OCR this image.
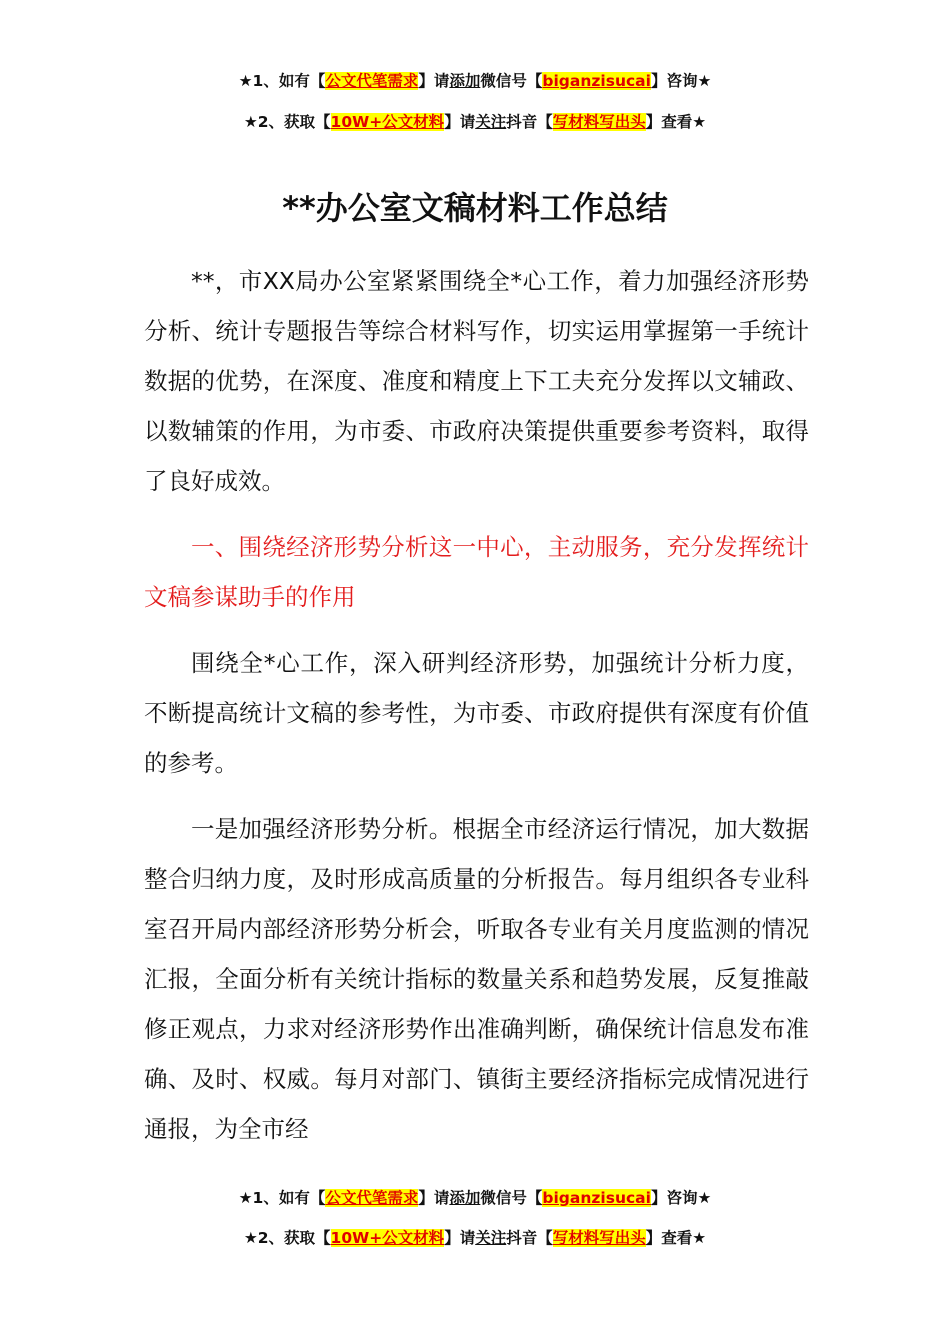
★1、如有【公文代笔需求】请添加微信号【biganzisucai】咨询★
★2、获取【10W+公文材料】请关注抖音【写材料写出头】查看★
**办公室文稿材料工作总结

**，市XX局办公室紧紧围绕全*心工作，着力加强经济形势分析、统计专题报告等综合材料写作，切实运用掌握第一手统计数据的优势，在深度、准度和精度上下工夫充分发挥以文辅政、以数辅策的作用，为市委、市政府决策提供重要参考资料，取得了良好成效。

一、围绕经济形势分析这一中心，主动服务，充分发挥统计文稿参谋助手的作用

围绕全*心工作，深入研判经济形势，加强统计分析力度，不断提高统计文稿的参考性，为市委、市政府提供有深度有价值的参考。

一是加强经济形势分析。根据全市经济运行情况，加大数据整合归纳力度，及时形成高质量的分析报告。每月组织各专业科室召开局内部经济形势分析会，听取各专业有关月度监测的情况汇报，全面分析有关统计指标的数量关系和趋势发展，反复推敲修正观点，力求对经济形势作出准确判断，确保统计信息发布准确、及时、权威。每月对部门、镇街主要经济指标完成情况进行通报，为全市经

★1、如有【公文代笔需求】请添加微信号【biganzisucai】咨询★
★2、获取【10W+公文材料】请关注抖音【写材料写出头】查看★
